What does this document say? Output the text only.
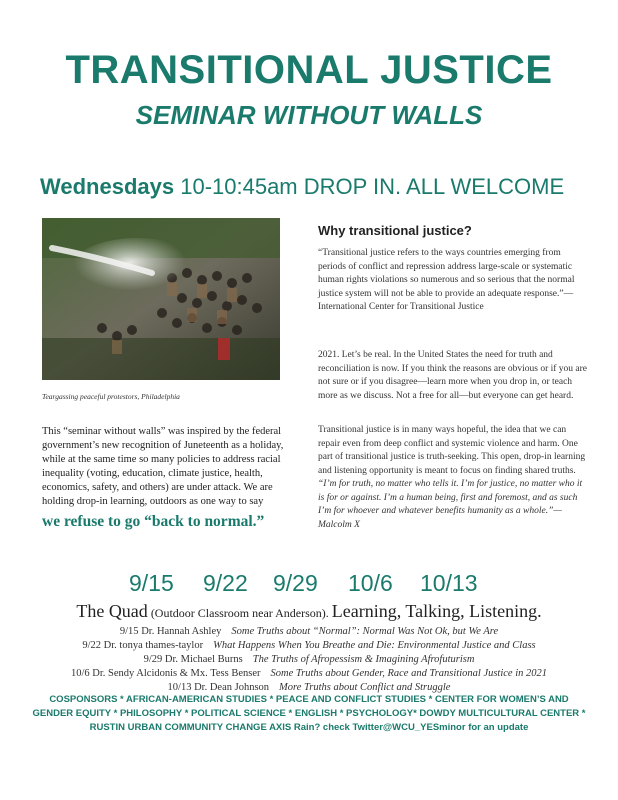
TRANSITIONAL JUSTICE
SEMINAR WITHOUT WALLS
Wednesdays 10-10:45am DROP IN. ALL WELCOME
Teargassing peaceful protestors, Philadelphia
This “seminar without walls” was inspired by the federal government’s new recognition of Juneteenth as a holiday, while at the same time so many policies to address racial inequality (voting, education, climate justice, health, economics, safety, and others) are under attack. We are holding drop-in learning, outdoors as one way to say
we refuse to go “back to normal.”
Why transitional justice?
“Transitional justice refers to the ways countries emerging from periods of conflict and repression address large-scale or systematic human rights violations so numerous and so serious that the normal justice system will not be able to provide an adequate response.”—International Center for Transitional Justice
2021. Let’s be real. In the United States the need for truth and reconciliation is now. If you think the reasons are obvious or if you are not sure or if you disagree—learn more when you drop in, or teach more as we discuss. Not a free for all—but everyone can get heard.
Transitional justice is in many ways hopeful, the idea that we can repair even from deep conflict and systemic violence and harm. One part of transitional justice is truth-seeking. This open, drop-in learning and listening opportunity is meant to focus on finding shared truths. “I’m for truth, no matter who tells it. I’m for justice, no matter who it is for or against. I’m a human being, first and foremost, and as such I’m for whoever and whatever benefits humanity as a whole.”—Malcolm X
9/15 9/22 9/29 10/6 10/13
The Quad (Outdoor Classroom near Anderson). Learning, Talking, Listening.
9/15 Dr. Hannah Ashley Some Truths about “Normal”: Normal Was Not Ok, but We Are
9/22 Dr. tonya thames-taylor What Happens When You Breathe and Die: Environmental Justice and Class
9/29 Dr. Michael Burns The Truths of Afropessism & Imagining Afrofuturism
10/6 Dr. Sendy Alcidonis & Mx. Tess Benser Some Truths about Gender, Race and Transitional Justice in 2021
10/13 Dr. Dean Johnson More Truths about Conflict and Struggle
COSPONSORS * AFRICAN-AMERICAN STUDIES * PEACE AND CONFLICT STUDIES * CENTER FOR WOMEN’S AND GENDER EQUITY * PHILOSOPHY * POLITICAL SCIENCE * ENGLISH * PSYCHOLOGY* DOWDY MULTICULTURAL CENTER * RUSTIN URBAN COMMUNITY CHANGE AXIS Rain? check Twitter@WCU_YESminor for an update
